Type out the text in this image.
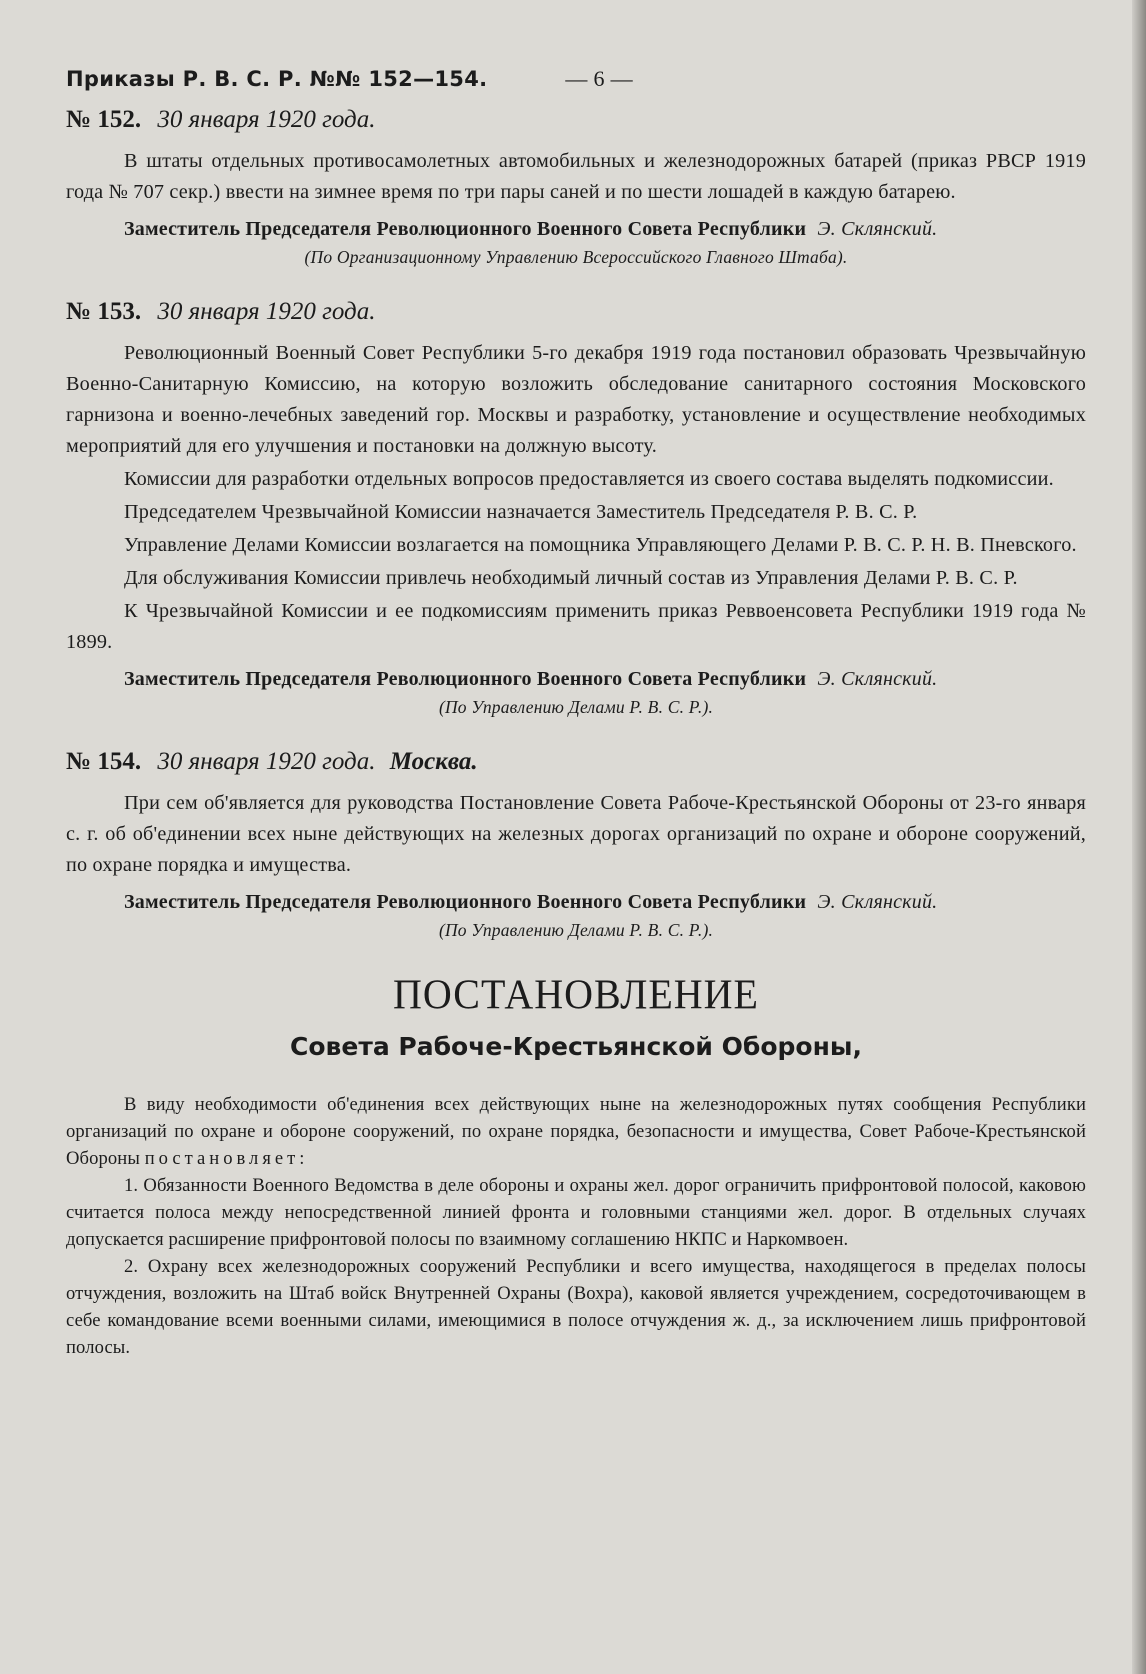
Приказы Р. В. С. Р. №№ 152—154.	— 6 —
№ 152. 30 января 1920 года.

В штаты отдельных противосамолетных автомобильных и железнодорожных батарей (приказ РВСР 1919 года № 707 секр.) ввести на зимнее время по три пары саней и по шести лошадей в каждую батарею.

Заместитель Председателя Революционного Военного Совета Республики Э. Склянский.
(По Организационному Управлению Всероссийского Главного Штаба).
№ 153. 30 января 1920 года.

Революционный Военный Совет Республики 5-го декабря 1919 года постановил образовать Чрезвычайную Военно-Санитарную Комиссию, на которую возложить обследование санитарного состояния Московского гарнизона и военно-лечебных заведений гор. Москвы и разработку, установление и осуществление необходимых мероприятий для его улучшения и постановки на должную высоту.

Комиссии для разработки отдельных вопросов предоставляется из своего состава выделять подкомиссии.

Председателем Чрезвычайной Комиссии назначается Заместитель Председателя Р. В. С. Р.

Управление Делами Комиссии возлагается на помощника Управляющего Делами Р. В. С. Р. Н. В. Пневского.

Для обслуживания Комиссии привлечь необходимый личный состав из Управления Делами Р. В. С. Р.

К Чрезвычайной Комиссии и ее подкомиссиям применить приказ Реввоенсовета Республики 1919 года № 1899.

Заместитель Председателя Революционного Военного Совета Республики Э. Склянский.
(По Управлению Делами Р. В. С. Р.).
№ 154. 30 января 1920 года. Москва.

При сем об'является для руководства Постановление Совета Рабоче-Крестьянской Обороны от 23-го января с. г. об об'единении всех ныне действующих на железных дорогах организаций по охране и обороне сооружений, по охране порядка и имущества.

Заместитель Председателя Революционного Военного Совета Республики Э. Склянский.
(По Управлению Делами Р. В. С. Р.).
ПОСТАНОВЛЕНИЕ
Совета Рабоче-Крестьянской Обороны,

В виду необходимости об'единения всех действующих ныне на железнодорожных путях сообщения Республики организаций по охране и обороне сооружений, по охране порядка, безопасности и имущества, Совет Рабоче-Крестьянской Обороны постановляет:

1. Обязанности Военного Ведомства в деле обороны и охраны жел. дорог ограничить прифронтовой полосой, каковою считается полоса между непосредственной линией фронта и головными станциями жел. дорог. В отдельных случаях допускается расширение прифронтовой полосы по взаимному соглашению НКПС и Наркомвоен.

2. Охрану всех железнодорожных сооружений Республики и всего имущества, находящегося в пределах полосы отчуждения, возложить на Штаб войск Внутренней Охраны (Вохра), каковой является учреждением, сосредоточивающем в себе командование всеми военными силами, имеющимися в полосе отчуждения ж. д., за исключением лишь прифронтовой полосы.
